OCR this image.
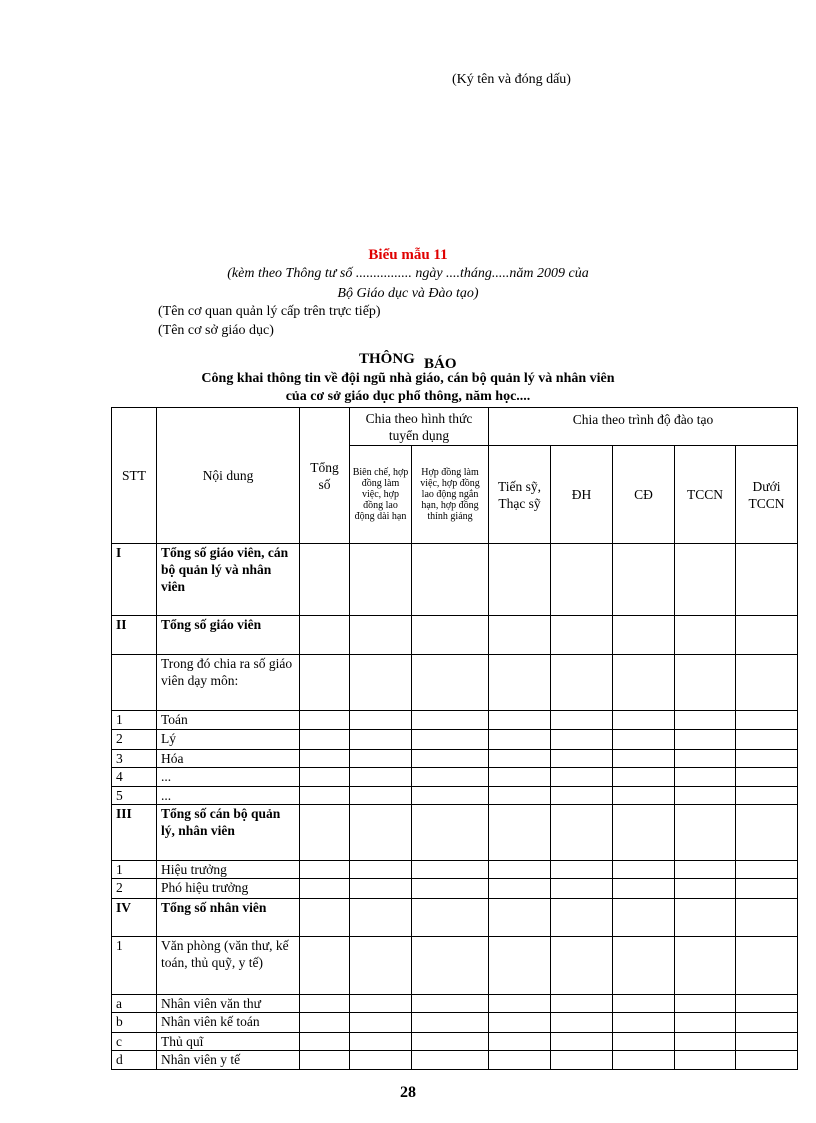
(Ký tên và đóng dấu)
Biểu mẫu 11
(kèm theo Thông tư số ................ ngày ....tháng.....năm 2009 của
Bộ Giáo dục và Đào tạo)
(Tên cơ quan quản lý cấp trên trực tiếp)
(Tên cơ sở giáo dục)
THÔNG BÁO
Công khai thông tin về đội ngũ nhà giáo, cán bộ quản lý và nhân viên
của cơ sở giáo dục phổ thông, năm học....
STT	Nội dung	Tổng số	Chia theo hình thức tuyển dụng		Chia theo trình độ đào tạo				
			Biên chế, hợp đồng làm việc, hợp đồng lao động dài hạn	Hợp đồng làm việc, hợp đồng lao động ngắn hạn, hợp đồng thỉnh giảng	Tiến sỹ, Thạc sỹ	ĐH	CĐ	TCCN	Dưới TCCN
I	Tổng số giáo viên, cán bộ quản lý và nhân viên								
II	Tổng số giáo viên								
	Trong đó chia ra số giáo viên dạy môn:								
1	Toán								
2	Lý								
3	Hóa								
4	...								
5	...								
III	Tổng số cán bộ quản lý, nhân viên								
1	Hiệu trưởng								
2	Phó hiệu trưởng								
IV	Tổng số nhân viên								
1	Văn phòng (văn thư, kế toán, thủ quỹ, y tế)								
a	Nhân viên văn thư								
b	Nhân viên kế toán								
c	Thủ quĩ								
d	Nhân viên y tế								
28
